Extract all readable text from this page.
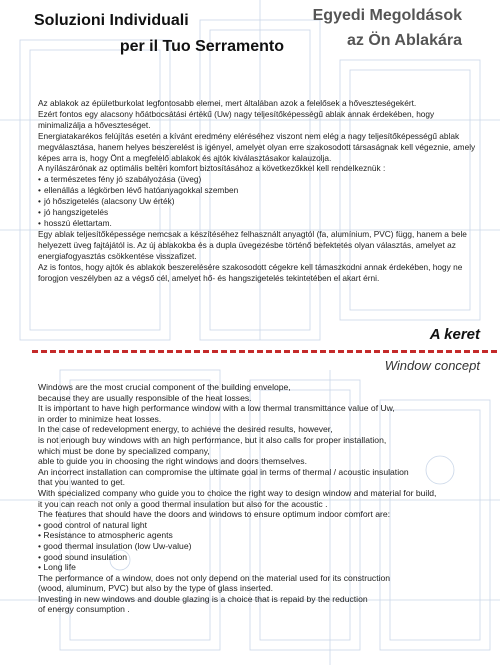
Soluzioni Individuali
per il Tuo Serramento
Egyedi Megoldások
az Ön Ablakára

Az ablakok az épületburkolat legfontosabb elemei, mert általában azok a felelősek a hőveszteségekért.

Ezért fontos egy alacsony hőátbocsátási értékű (Uw) nagy teljesítőképességű ablak annak érdekében, hogy minimalizálja a hőveszteséget.

Energiatakarékos felújítás esetén a kívánt eredmény eléréséhez viszont nem elég a nagy teljesítőképességű ablak megválasztása, hanem helyes beszerelést is igényel, amelyet olyan erre szakosodott társaságnak kell végeznie, amely képes arra is, hogy Önt a megfelelő ablakok és ajtók kiválasztásakor kalauzolja.

A nyílászárónak az optimális beltéri komfort biztosításához a következőkkel kell rendelkeznük :

• a természetes fény jó szabályozása (üveg)
• ellenállás a légkörben lévő hatóanyagokkal szemben
• jó hőszigetelés (alacsony Uw érték)
• jó hangszigetelés
• hosszú élettartam.

Egy ablak teljesítőképessége nemcsak a készítéséhez felhasznált anyagtól (fa, alumínium, PVC) függ, hanem a bele helyezett üveg fajtájától is. Az új ablakokba és a dupla üvegezésbe történő befektetés olyan választás, amelyet az energiafogyasztás csökkentése visszafizet.

Az is fontos, hogy ajtók és ablakok beszerelésére szakosodott cégekre kell támaszkodni annak érdekében, hogy ne forogjon veszélyben az a végső cél, amelyet hő- és hangszigetelés tekintetében el akart érni.

A keret
Window concept

Windows are the most crucial component of the building envelope,

because they are usually responsible of the heat losses.

It is important to have high performance window with a low thermal transmittance value of Uw,

in order to minimize heat losses.

In the case of redevelopment energy, to achieve the desired results, however,

is not enough buy windows with an high performance, but it also calls for proper installation,

which must be done by specialized company,

able to guide you in choosing the right windows and doors themselves.

An incorrect installation can compromise the ultimate goal in terms of thermal / acoustic insulation

that you wanted to get.

With specialized company who guide you to choice the right way to design window and material for build,

it you can reach not only a good thermal insulation but also for the acoustic .

The features that should have the doors and windows to ensure optimum indoor comfort are:

• good control of natural light
• Resistance to atmospheric agents
• good thermal insulation (low Uw-value)
• good sound insulation
• Long life

The performance of a window, does not only depend on the material used for its construction

(wood, aluminum, PVC) but also by the type of glass inserted.

Investing in new windows and double glazing is a choice that is repaid by the reduction

of energy consumption .
